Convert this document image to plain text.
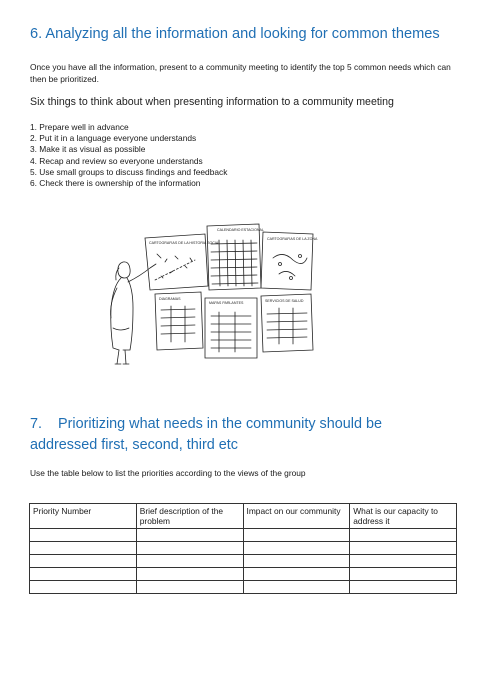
6. Analyzing all the information and looking for common themes
Once you have all the information, present to a community meeting to identify the top 5 common needs which can then be prioritized.
Six things to think about when presenting information to a community meeting
1. Prepare well in advance
2. Put it in a language everyone understands
3. Make it as visual as possible
4. Recap and review so everyone understands
5. Use small groups to discuss findings and feedback
6. Check there is ownership of the information
CARTOGRAFIAS DE LA HISTORIA SOCIAL
CALENDARIO ESTACIONAL
CARTOGRAFIAS DE LA ZONA
DIAGRAMAS
MAPAS PARLANTES	SERVICIOS DE SALUD
7. Prioritizing what needs in the community should be addressed first, second, third etc
Use the table below to list the priorities according to the views of the group
Priority Number	Brief description of the problem	Impact on our community	What is our capacity to address it
